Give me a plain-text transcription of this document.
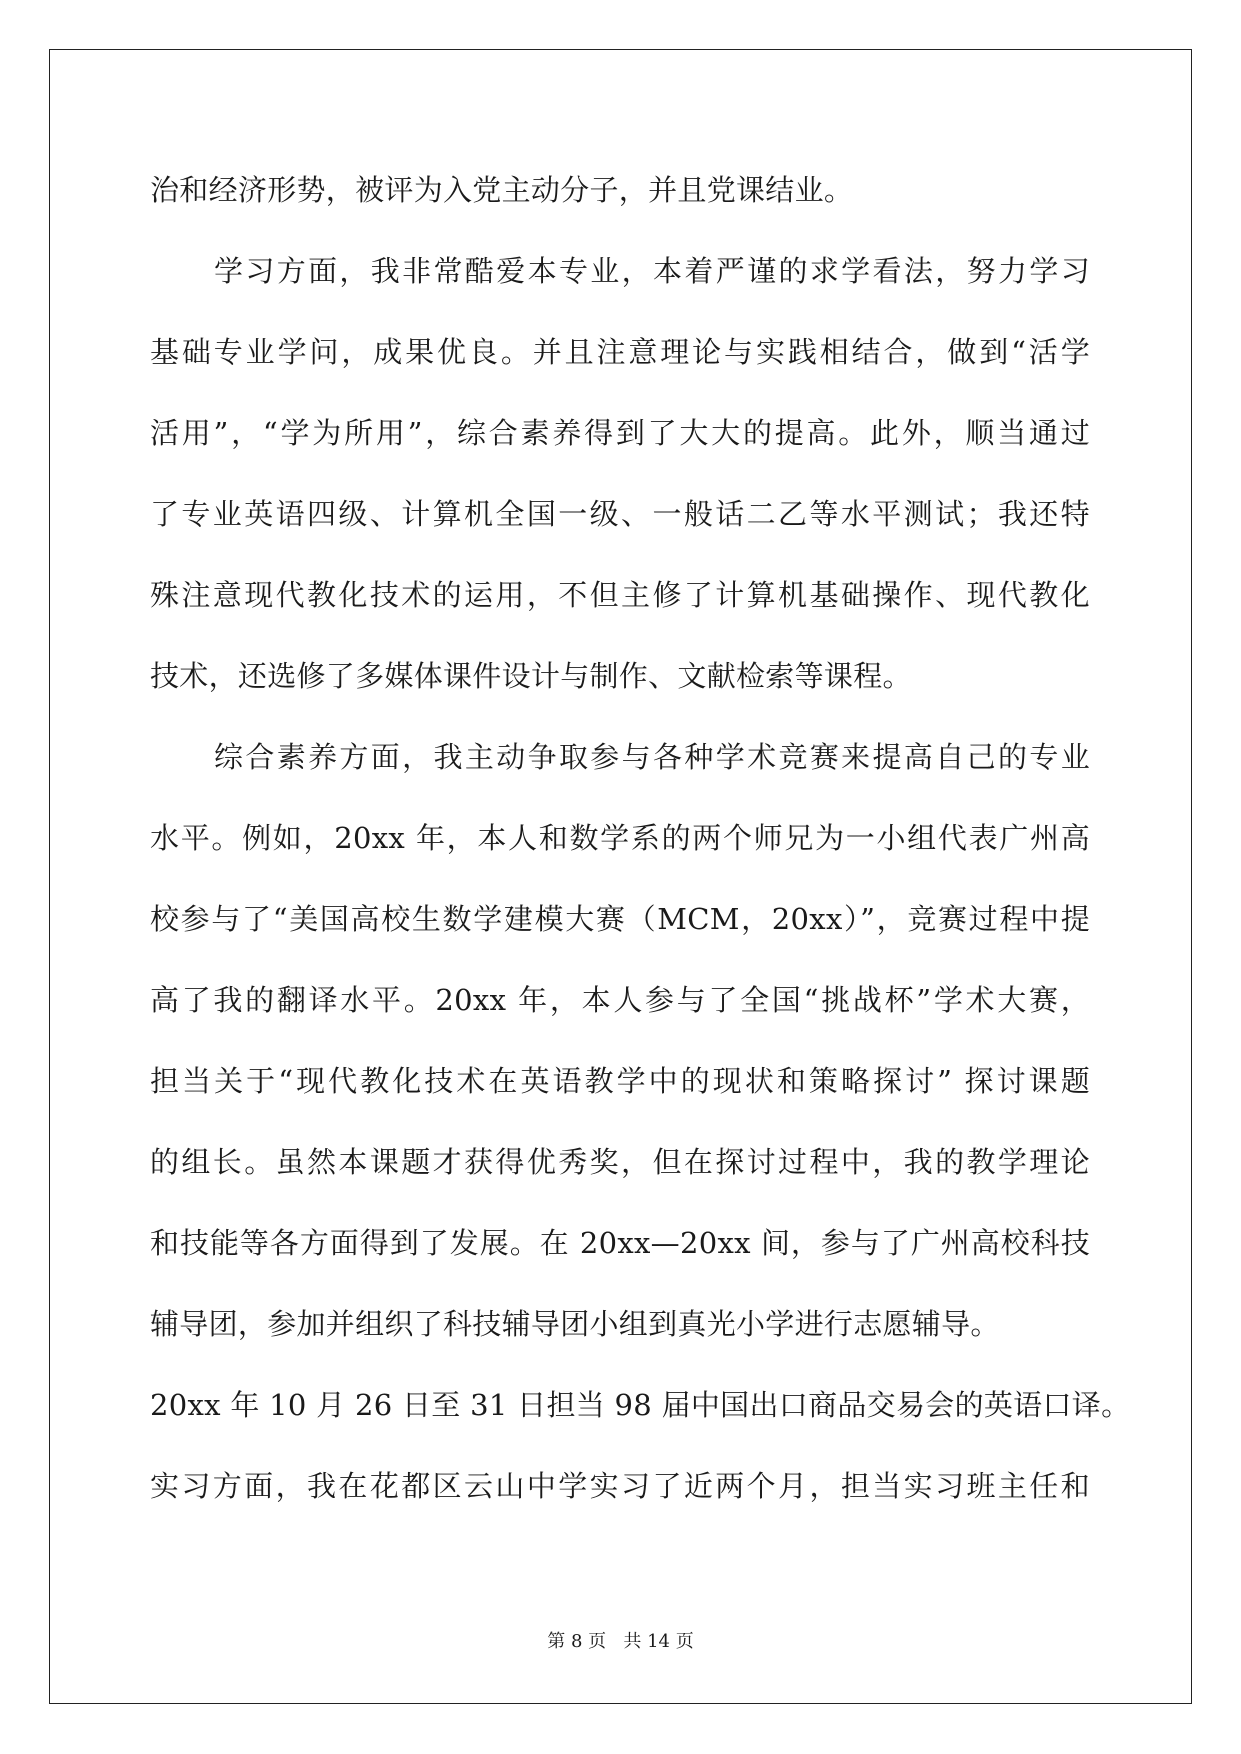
治和经济形势，被评为入党主动分子，并且党课结业。
学习方面，我非常酷爱本专业，本着严谨的求学看法，努力学习
基础专业学问，成果优良。并且注意理论与实践相结合，做到“活学
活用”，“学为所用”，综合素养得到了大大的提高。此外，顺当通过
了专业英语四级、计算机全国一级、一般话二乙等水平测试；我还特
殊注意现代教化技术的运用，不但主修了计算机基础操作、现代教化
技术，还选修了多媒体课件设计与制作、文献检索等课程。
综合素养方面，我主动争取参与各种学术竞赛来提高自己的专业
水平。例如，20xx 年，本人和数学系的两个师兄为一小组代表广州高
校参与了“美国高校生数学建模大赛（MCM，20xx）”，竞赛过程中提
高了我的翻译水平。20xx 年，本人参与了全国“挑战杯”学术大赛，
担当关于“现代教化技术在英语教学中的现状和策略探讨” 探讨课题
的组长。虽然本课题才获得优秀奖，但在探讨过程中，我的教学理论
和技能等各方面得到了发展。在 20xx—20xx 间，参与了广州高校科技
辅导团，参加并组织了科技辅导团小组到真光小学进行志愿辅导。
20xx 年 10 月 26 日至 31 日担当 98 届中国出口商品交易会的英语口译。
实习方面，我在花都区云山中学实习了近两个月，担当实习班主任和
第 8 页   共 14 页
